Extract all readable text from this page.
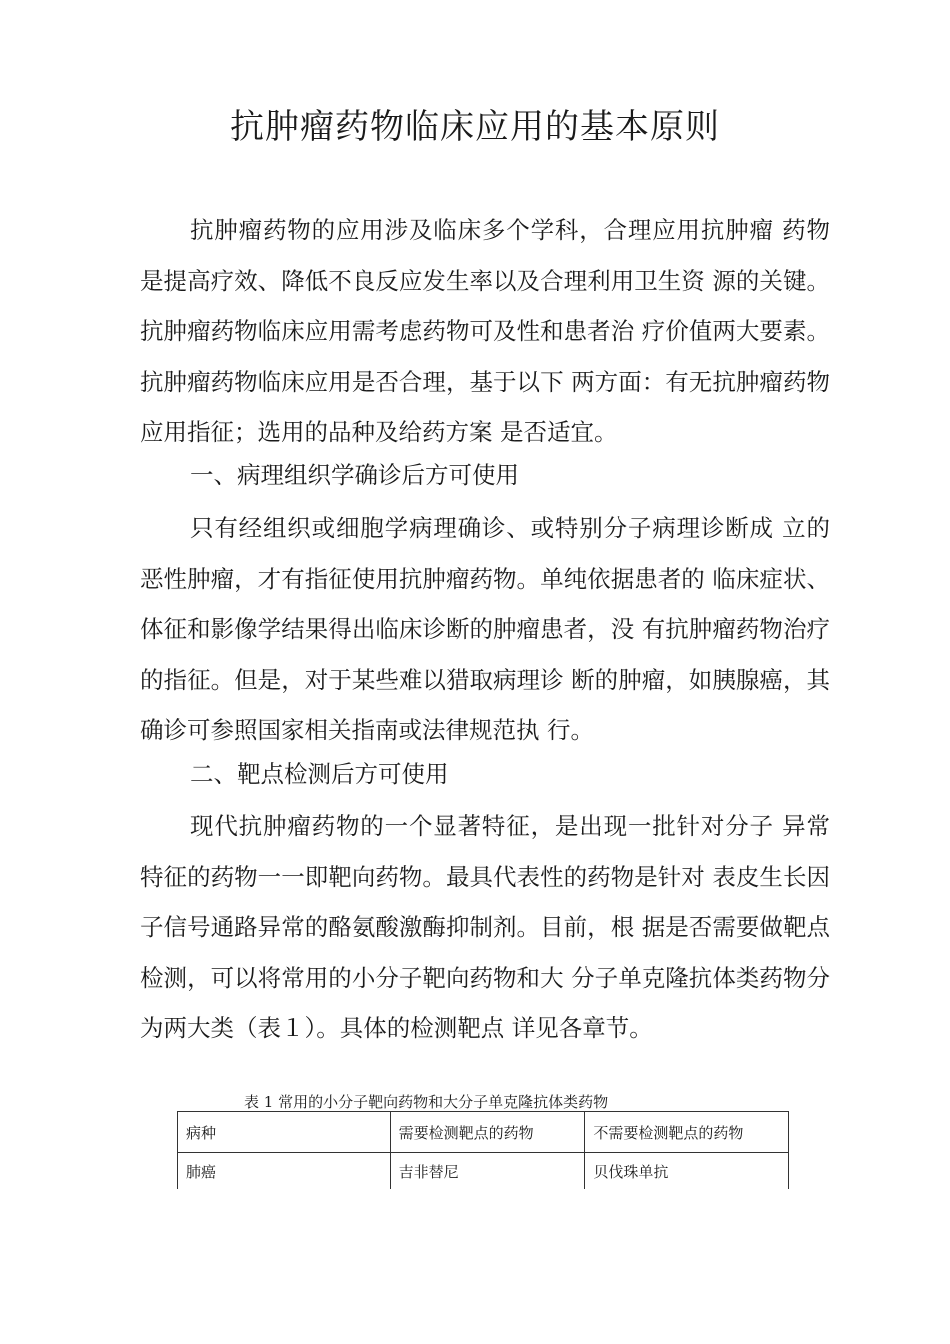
抗肿瘤药物临床应用的基本原则

抗肿瘤药物的应用涉及临床多个学科，合理应用抗肿瘤 药物是提高疗效、降低不良反应发生率以及合理利用卫生资 源的关键。抗肿瘤药物临床应用需考虑药物可及性和患者治 疗价值两大要素。抗肿瘤药物临床应用是否合理，基于以下 两方面：有无抗肿瘤药物应用指征；选用的品种及给药方案 是否适宜。

一、病理组织学确诊后方可使用

只有经组织或细胞学病理确诊、或特别分子病理诊断成 立的恶性肿瘤，才有指征使用抗肿瘤药物。单纯依据患者的 临床症状、体征和影像学结果得出临床诊断的肿瘤患者，没 有抗肿瘤药物治疗的指征。但是，对于某些难以猎取病理诊 断的肿瘤，如胰腺癌，其确诊可参照国家相关指南或法律规范执 行。

二、靶点检测后方可使用

现代抗肿瘤药物的一个显著特征，是出现一批针对分子 异常特征的药物一一即靶向药物。最具代表性的药物是针对 表皮生长因子信号通路异常的酪氨酸激酶抑制剂。目前，根 据是否需要做靶点检测，可以将常用的小分子靶向药物和大 分子单克隆抗体类药物分为两大类（表１）。具体的检测靶点 详见各章节。

表 1 常用的小分子靶向药物和大分子单克隆抗体类药物
病种	需要检测靶点的药物	不需要检测靶点的药物
肺癌	吉非替尼	贝伐珠单抗
